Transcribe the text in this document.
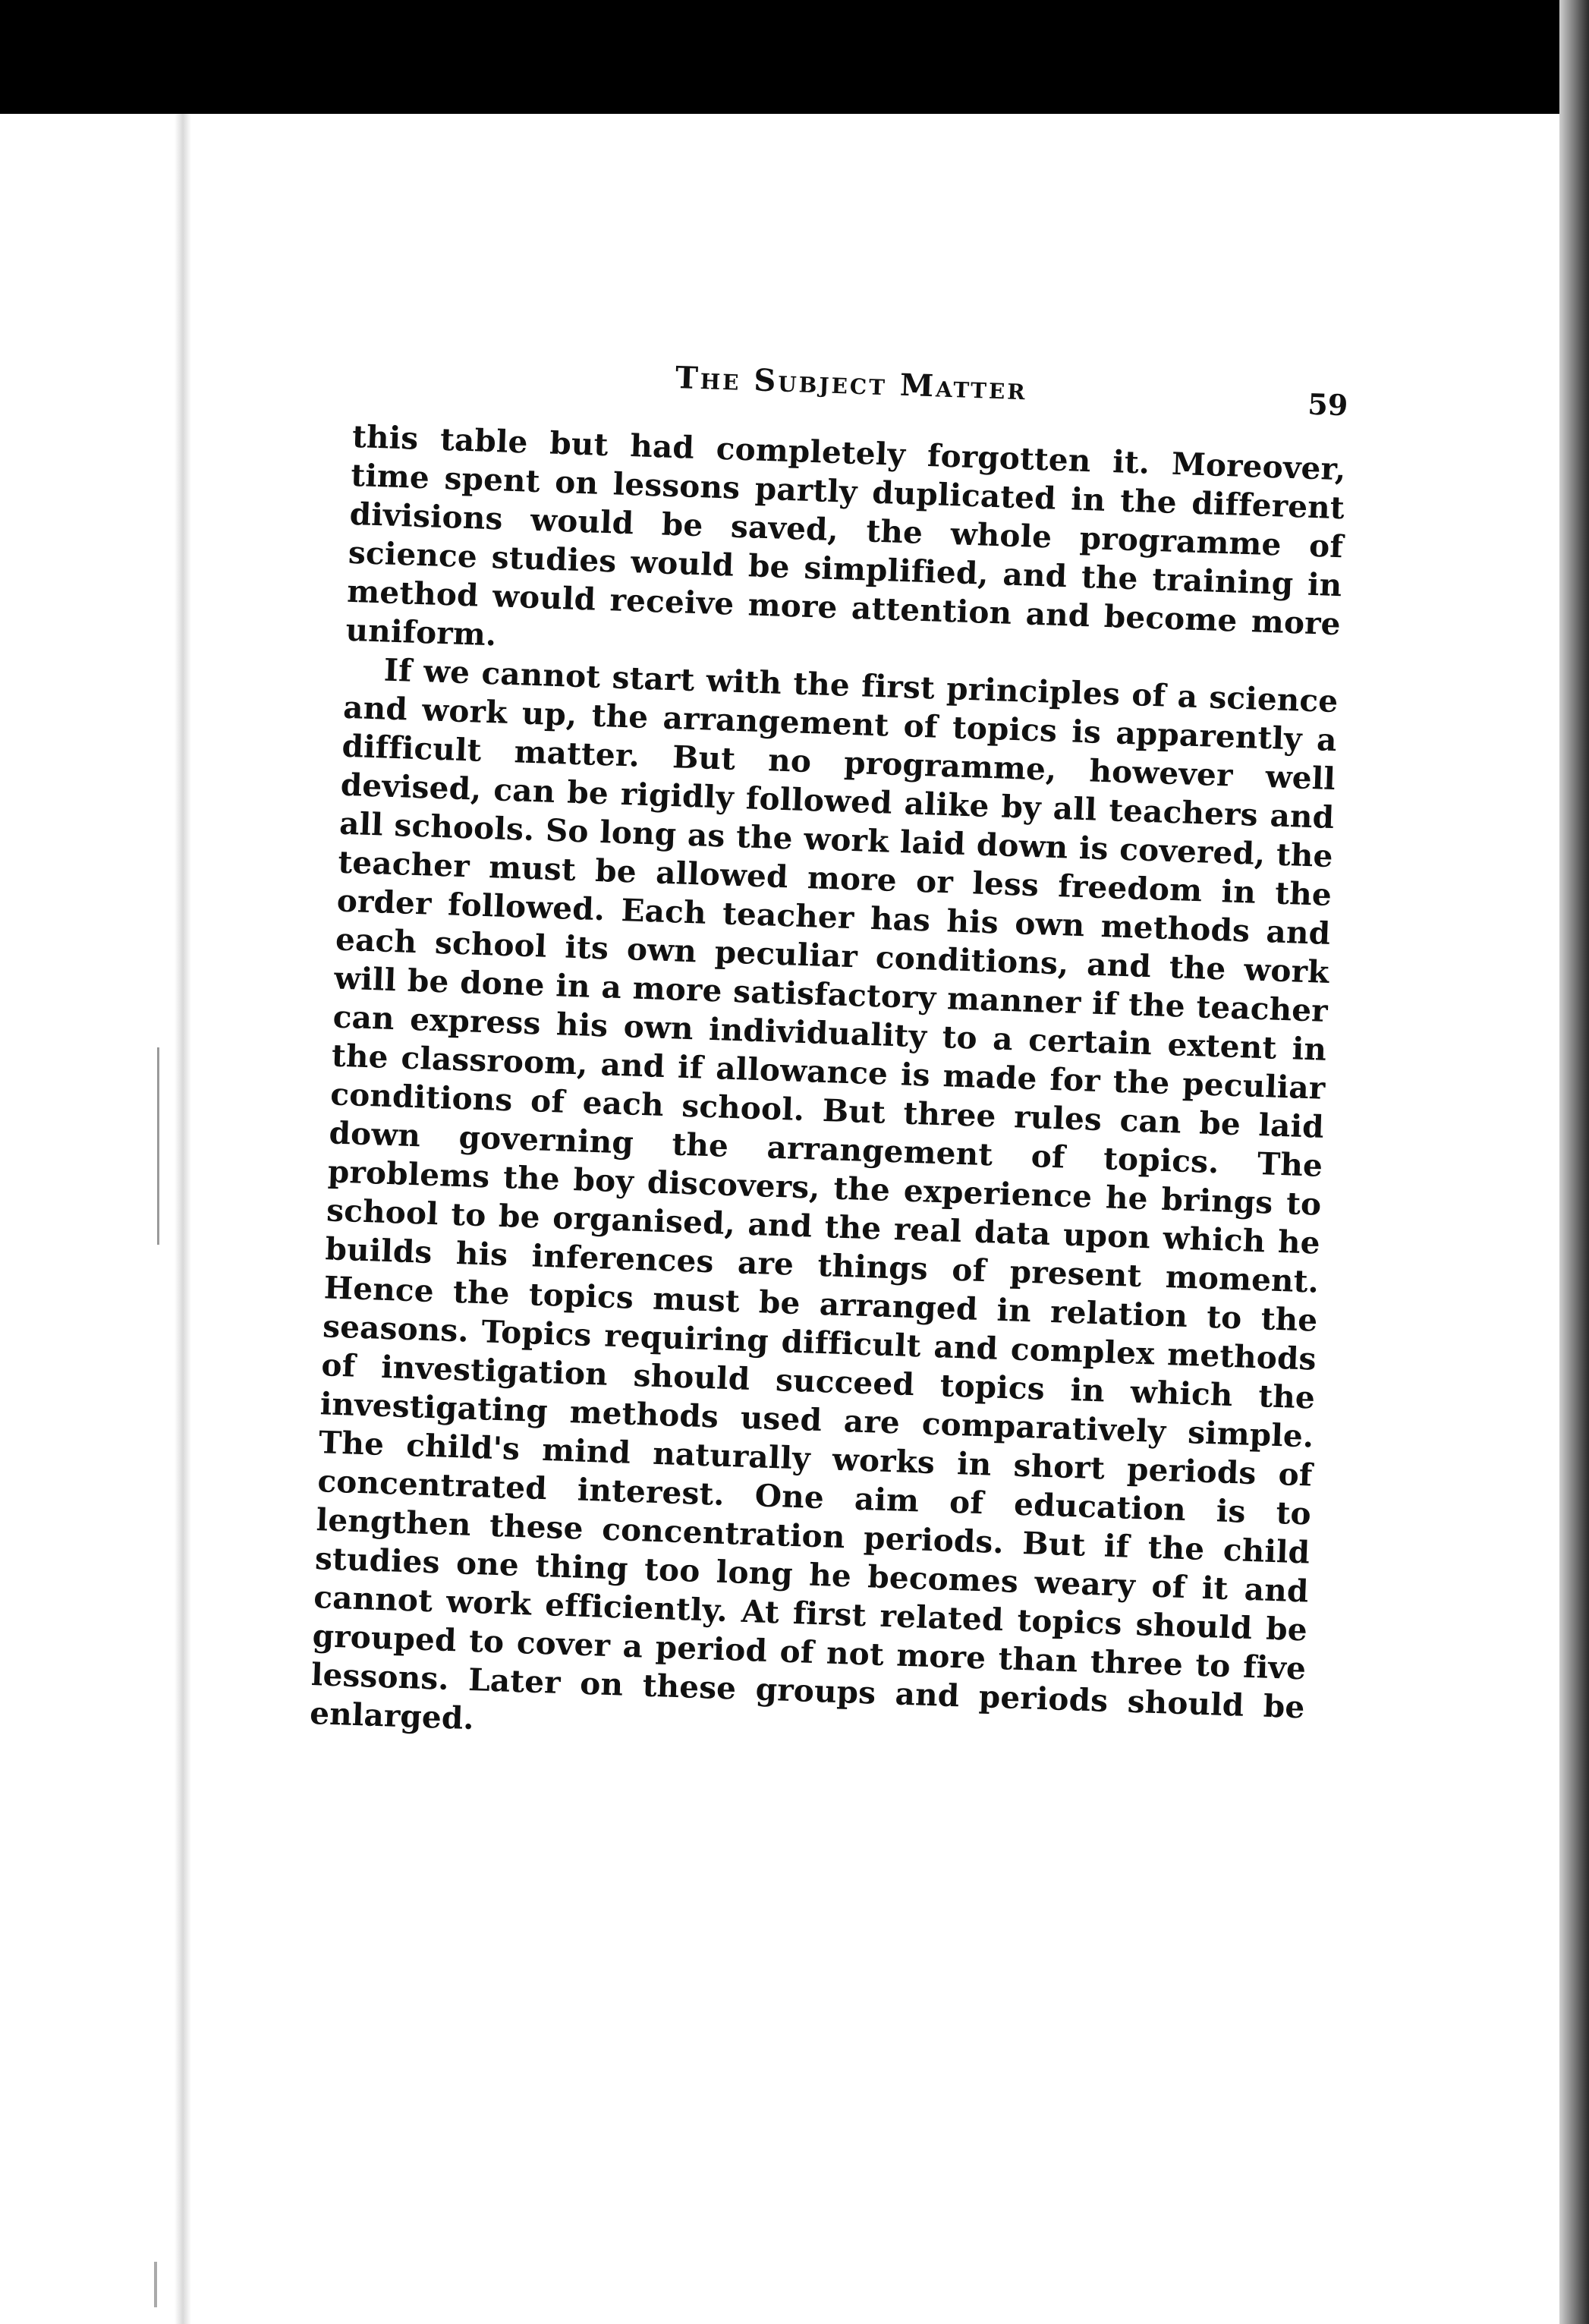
The Subject Matter	59

this table but had completely forgotten it. Moreover, time spent on lessons partly duplicated in the different divisions would be saved, the whole programme of science studies would be simplified, and the training in method would receive more attention and become more uniform.

If we cannot start with the first principles of a science and work up, the arrangement of topics is apparently a difficult matter. But no programme, however well devised, can be rigidly followed alike by all teachers and all schools. So long as the work laid down is covered, the teacher must be allowed more or less freedom in the order followed. Each teacher has his own methods and each school its own peculiar conditions, and the work will be done in a more satisfactory manner if the teacher can express his own individuality to a certain extent in the classroom, and if allowance is made for the peculiar conditions of each school. But three rules can be laid down governing the arrangement of topics. The problems the boy discovers, the experience he brings to school to be organised, and the real data upon which he builds his inferences are things of present moment. Hence the topics must be arranged in relation to the seasons. Topics requiring difficult and complex methods of investigation should succeed topics in which the investigating methods used are comparatively simple. The child's mind naturally works in short periods of concentrated interest. One aim of education is to lengthen these concentration periods. But if the child studies one thing too long he becomes weary of it and cannot work efficiently. At first related topics should be grouped to cover a period of not more than three to five lessons. Later on these groups and periods should be enlarged.
